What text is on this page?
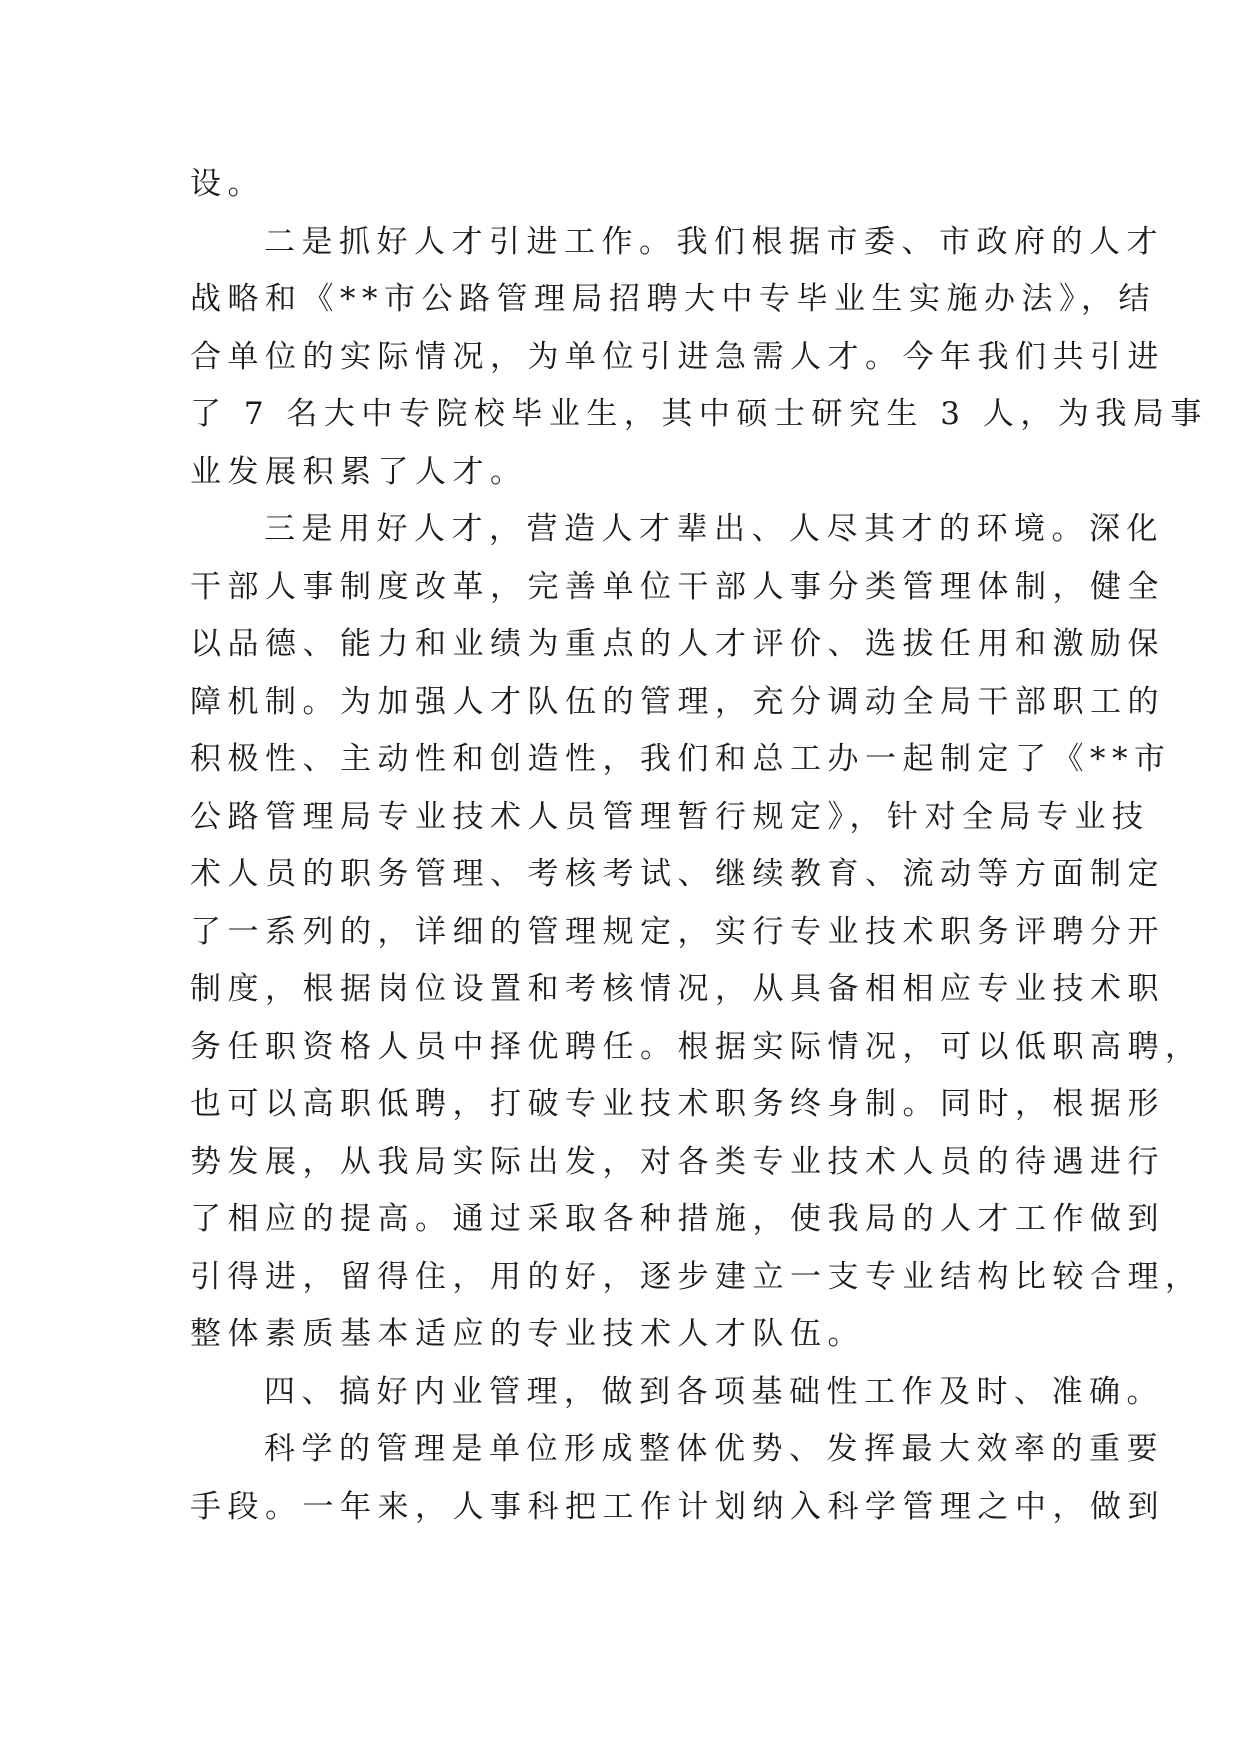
设。
二是抓好人才引进工作。我们根据市委、市政府的人才
战略和《**市公路管理局招聘大中专毕业生实施办法》，结
合单位的实际情况，为单位引进急需人才。今年我们共引进
了 7 名大中专院校毕业生，其中硕士研究生 3 人，为我局事
业发展积累了人才。
三是用好人才，营造人才辈出、人尽其才的环境。深化
干部人事制度改革，完善单位干部人事分类管理体制，健全
以品德、能力和业绩为重点的人才评价、选拔任用和激励保
障机制。为加强人才队伍的管理，充分调动全局干部职工的
积极性、主动性和创造性，我们和总工办一起制定了《**市
公路管理局专业技术人员管理暂行规定》，针对全局专业技
术人员的职务管理、考核考试、继续教育、流动等方面制定
了一系列的，详细的管理规定，实行专业技术职务评聘分开
制度，根据岗位设置和考核情况，从具备相相应专业技术职
务任职资格人员中择优聘任。根据实际情况，可以低职高聘，
也可以高职低聘，打破专业技术职务终身制。同时，根据形
势发展，从我局实际出发，对各类专业技术人员的待遇进行
了相应的提高。通过采取各种措施，使我局的人才工作做到
引得进，留得住，用的好，逐步建立一支专业结构比较合理，
整体素质基本适应的专业技术人才队伍。
四、搞好内业管理，做到各项基础性工作及时、准确。
科学的管理是单位形成整体优势、发挥最大效率的重要
手段。一年来，人事科把工作计划纳入科学管理之中，做到
